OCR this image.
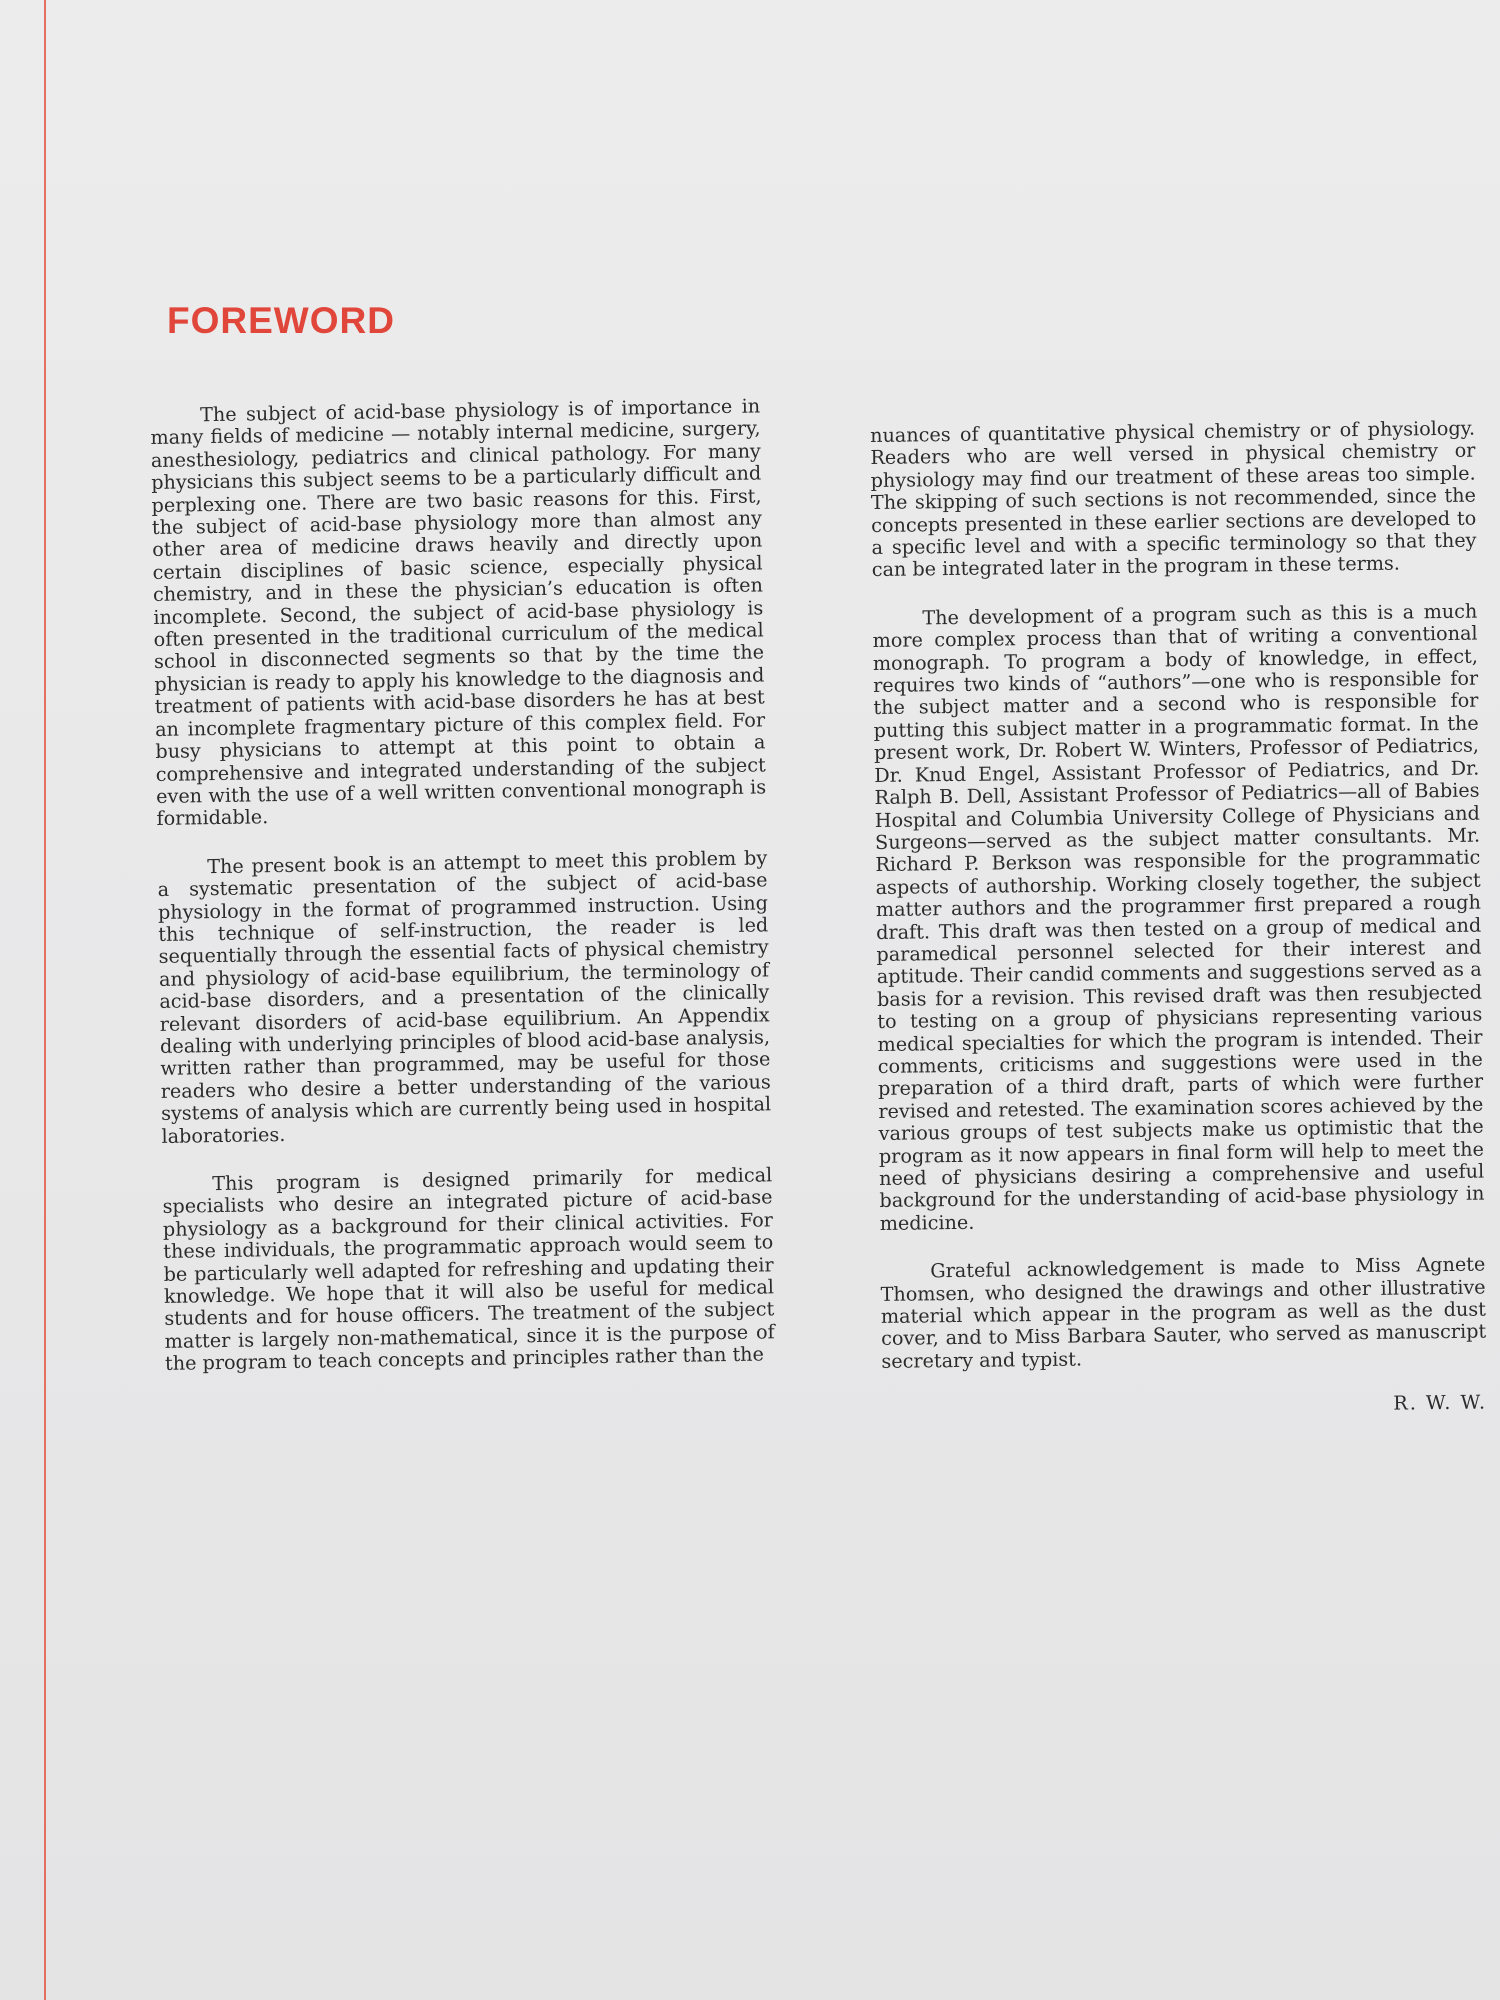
FOREWORD

The subject of acid-base physiology is of importance in many fields of medicine — notably internal medicine, surgery, anesthesiology, pediatrics and clinical pathology. For many physicians this subject seems to be a particularly difficult and perplexing one. There are two basic reasons for this. First, the subject of acid-base physiology more than almost any other area of medicine draws heavily and directly upon certain disciplines of basic science, especially physical chemistry, and in these the physician’s education is often incomplete. Second, the subject of acid-base physiology is often presented in the traditional curriculum of the medical school in disconnected segments so that by the time the physician is ready to apply his knowledge to the diagnosis and treatment of patients with acid-base disorders he has at best an incomplete fragmentary picture of this complex field. For busy physicians to attempt at this point to obtain a comprehensive and integrated understanding of the subject even with the use of a well written conventional monograph is formidable.

The present book is an attempt to meet this problem by a systematic presentation of the subject of acid-base physiology in the format of programmed instruction. Using this technique of self-instruction, the reader is led sequentially through the essential facts of physical chemistry and physiology of acid-base equilibrium, the terminology of acid-base disorders, and a presentation of the clinically relevant disorders of acid-base equilibrium. An Appendix dealing with underlying principles of blood acid-base analysis, written rather than programmed, may be useful for those readers who desire a better understanding of the various systems of analysis which are currently being used in hospital laboratories.

This program is designed primarily for medical specialists who desire an integrated picture of acid-base physiology as a background for their clinical activities. For these individuals, the programmatic approach would seem to be particularly well adapted for refreshing and updating their knowledge. We hope that it will also be useful for medical students and for house officers. The treatment of the subject matter is largely non-mathematical, since it is the purpose of the program to teach concepts and principles rather than the

nuances of quantitative physical chemistry or of physiology. Readers who are well versed in physical chemistry or physiology may find our treatment of these areas too simple. The skipping of such sections is not recommended, since the concepts presented in these earlier sections are developed to a specific level and with a specific terminology so that they can be integrated later in the program in these terms.

The development of a program such as this is a much more complex process than that of writing a conventional monograph. To program a body of knowledge, in effect, requires two kinds of “authors”—one who is responsible for the subject matter and a second who is responsible for putting this subject matter in a programmatic format. In the present work, Dr. Robert W. Winters, Professor of Pediatrics, Dr. Knud Engel, Assistant Professor of Pediatrics, and Dr. Ralph B. Dell, Assistant Professor of Pediatrics—all of Babies Hospital and Columbia University College of Physicians and Surgeons—served as the subject matter consultants. Mr. Richard P. Berkson was responsible for the programmatic aspects of authorship. Working closely together, the subject matter authors and the programmer first prepared a rough draft. This draft was then tested on a group of medical and paramedical personnel selected for their interest and aptitude. Their candid comments and suggestions served as a basis for a revision. This revised draft was then resubjected to testing on a group of physicians representing various medical specialties for which the program is intended. Their comments, criticisms and suggestions were used in the preparation of a third draft, parts of which were further revised and retested. The examination scores achieved by the various groups of test subjects make us optimistic that the program as it now appears in final form will help to meet the need of physicians desiring a comprehensive and useful background for the understanding of acid-base physiology in medicine.

Grateful acknowledgement is made to Miss Agnete Thomsen, who designed the drawings and other illustrative material which appear in the program as well as the dust cover, and to Miss Barbara Sauter, who served as manuscript secretary and typist.

R. W. W.
